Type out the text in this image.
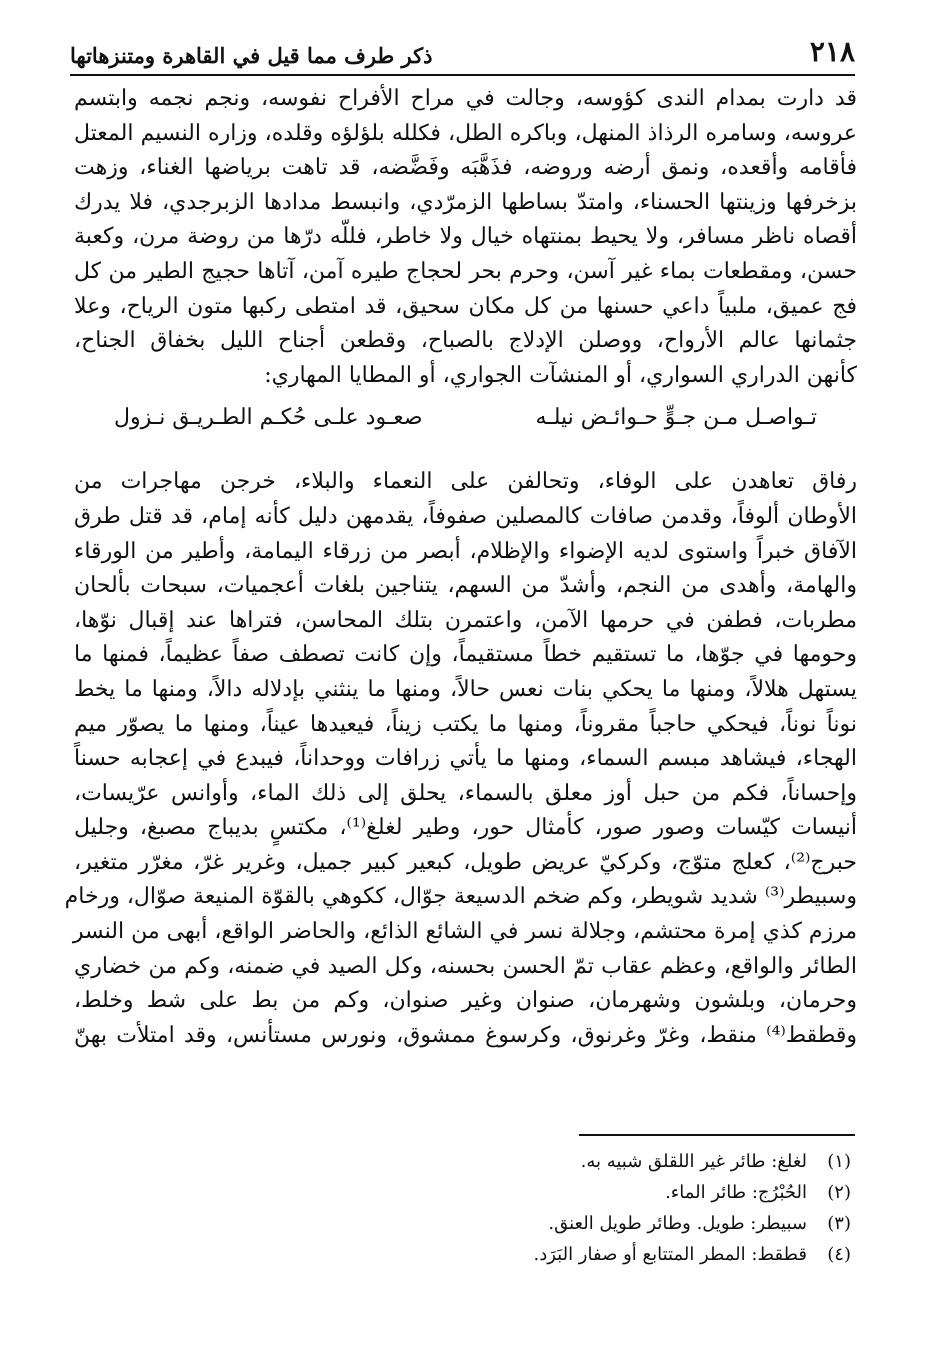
٢١٨
ذكر طرف مما قيل في القاهرة ومتنزهاتها
قد دارت بمدام الندى كؤوسه، وجالت في مراح الأفراح نفوسه، ونجم نجمه وابتسم
عروسه، وسامره الرذاذ المنهل، وباكره الطل، فكلله بلؤلؤه وقلده، وزاره النسيم المعتل
فأقامه وأقعده، ونمق أرضه وروضه، فذَهَّبَه وفَضَّضه، قد تاهت برياضها الغناء، وزهت
بزخرفها وزينتها الحسناء، وامتدّ بساطها الزمرّدي، وانبسط مدادها الزبرجدي، فلا يدرك
أقصاه ناظر مسافر، ولا يحيط بمنتهاه خيال ولا خاطر، فللّه درّها من روضة مرن، وكعبة
حسن، ومقطعات بماء غير آسن، وحرم بحر لحجاج طيره آمن، آتاها حجيج الطير من كل
فج عميق، ملبياً داعي حسنها من كل مكان سحيق، قد امتطى ركبها متون الرياح، وعلا
جثمانها عالم الأرواح، ووصلن الإدلاج بالصباح، وقطعن أجناح الليل بخفاق الجناح،
كأنهن الدراري السواري، أو المنشآت الجواري، أو المطايا المهاري:
تـواصـل مـن جـوٍّ حـوائـض نيلـه
صعـود علـى حُكـم الطـريـق نـزول
رفاق تعاهدن على الوفاء، وتحالفن على النعماء والبلاء، خرجن مهاجرات من
الأوطان ألوفاً، وقدمن صافات كالمصلين صفوفاً، يقدمهن دليل كأنه إمام، قد قتل طرق
الآفاق خبراً واستوى لديه الإضواء والإظلام، أبصر من زرقاء اليمامة، وأطير من الورقاء
والهامة، وأهدى من النجم، وأشدّ من السهم، يتناجين بلغات أعجميات، سبحات بألحان
مطربات، فطفن في حرمها الآمن، واعتمرن بتلك المحاسن، فتراها عند إقبال نوّها،
وحومها في جوّها، ما تستقيم خطاً مستقيماً، وإن كانت تصطف صفاً عظيماً، فمنها ما
يستهل هلالاً، ومنها ما يحكي بنات نعس حالاً، ومنها ما ينثني بإدلاله دالاً، ومنها ما يخط
نوناً نوناً، فيحكي حاجباً مقروناً، ومنها ما يكتب زيناً، فيعيدها عيناً، ومنها ما يصوّر ميم
الهجاء، فيشاهد مبسم السماء، ومنها ما يأتي زرافات ووحداناً، فيبدع في إعجابه حسناً
وإحساناً، فكم من حبل أوز معلق بالسماء، يحلق إلى ذلك الماء، وأوانس عرّيسات،
أنيسات كيّسات وصور صور، كأمثال حور، وطير لغلغ⁽¹⁾، مكتسٍ بديباج مصبغ، وجليل
حبرج⁽²⁾، كعلج متوّج، وكركيّ عريض طويل، كبعير كبير جميل، وغرير غرّ، مغرّر متغير،
وسبيطر⁽³⁾ شديد شويطر، وكم ضخم الدسيعة جوّال، ككوهي بالقوّة المنيعة صوّال، ورخام
مرزم كذي إمرة محتشم، وجلالة نسر في الشائع الذائع، والحاضر الواقع، أبهى من النسر
الطائر والواقع، وعظم عقاب تمّ الحسن بحسنه، وكل الصيد في ضمنه، وكم من خضاري
وحرمان، وبلشون وشهرمان، صنوان وغير صنوان، وكم من بط على شط وخلط،
وقطقط⁽⁴⁾ منقط، وغرّ وغرنوق، وكرسوغ ممشوق، ونورس مستأنس، وقد امتلأت بهنّ
(١)
لغلغ: طائر غير اللقلق شبيه به.
(٢)
الحُبْرُج: طائر الماء.
(٣)
سبيطر: طويل. وطائر طويل العنق.
(٤)
قطقط: المطر المتتابع أو صفار البَرَد.
